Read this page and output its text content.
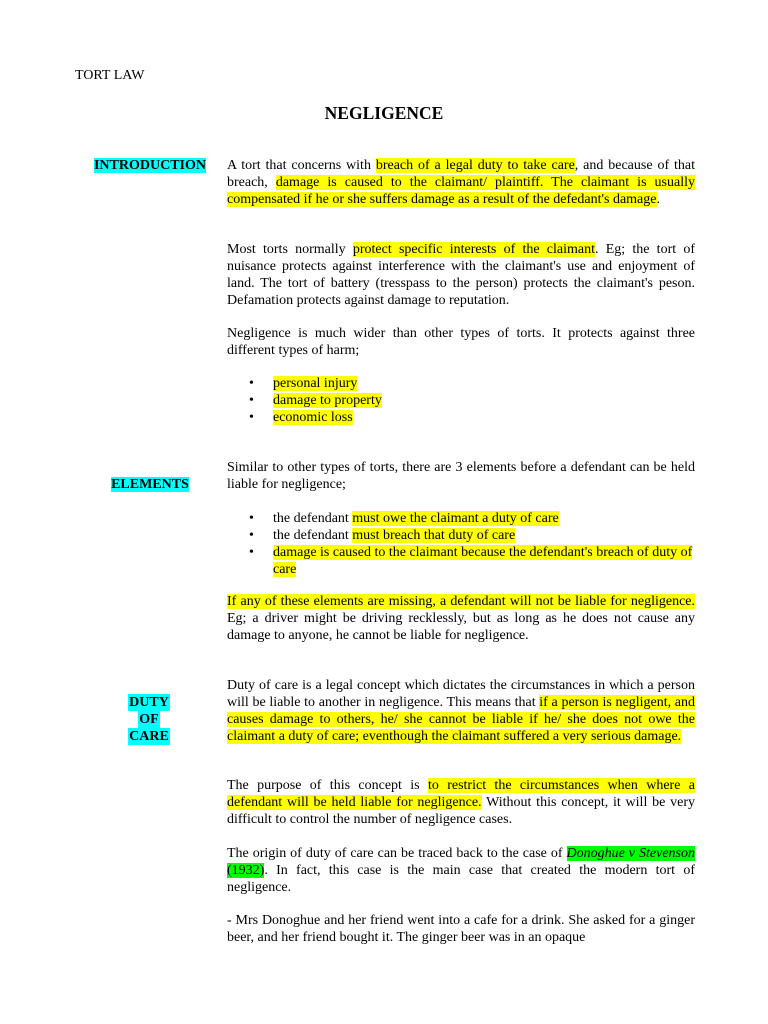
TORT LAW
NEGLIGENCE
INTRODUCTION
ELEMENTS
DUTY
OF
CARE

A tort that concerns with breach of a legal duty to take care, and because of that breach, damage is caused to the claimant/ plaintiff. The claimant is usually compensated if he or she suffers damage as a result of the defedant's damage.

Most torts normally protect specific interests of the claimant. Eg; the tort of nuisance protects against interference with the claimant's use and enjoyment of land. The tort of battery (tresspass to the person) protects the claimant's peson. Defamation protects against damage to reputation.

Negligence is much wider than other types of torts. It protects against three different types of harm;

• personal injury
• damage to property
• economic loss

Similar to other types of torts, there are 3 elements before a defendant can be held liable for negligence;

• the defendant must owe the claimant a duty of care
• the defendant must breach that duty of care
• damage is caused to the claimant because the defendant's breach of duty of care

If any of these elements are missing, a defendant will not be liable for negligence. Eg; a driver might be driving recklessly, but as long as he does not cause any damage to anyone, he cannot be liable for negligence.

Duty of care is a legal concept which dictates the circumstances in which a person will be liable to another in negligence. This means that if a person is negligent, and causes damage to others, he/ she cannot be liable if he/ she does not owe the claimant a duty of care; eventhough the claimant suffered a very serious damage.

The purpose of this concept is to restrict the circumstances when where a defendant will be held liable for negligence. Without this concept, it will be very difficult to control the number of negligence cases.

The origin of duty of care can be traced back to the case of Donoghue v Stevenson (1932). In fact, this case is the main case that created the modern tort of negligence.

- Mrs Donoghue and her friend went into a cafe for a drink. She asked for a ginger beer, and her friend bought it. The ginger beer was in an opaque
